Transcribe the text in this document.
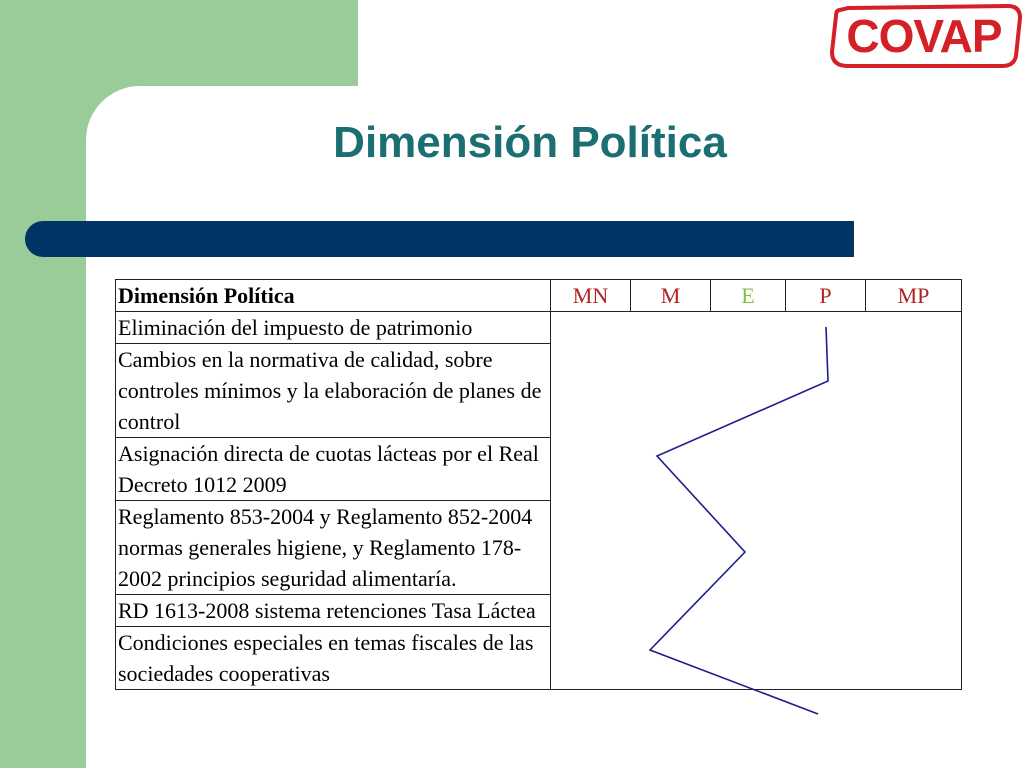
COVAP
Dimensión Política
Dimensión Política	MN	M	E	P	MP
Eliminación del impuesto de patrimonio					
Cambios en la normativa de calidad, sobre controles mínimos y la elaboración de planes de control					
Asignación directa de cuotas lácteas por el Real Decreto 1012 2009					
Reglamento 853-2004 y Reglamento 852-2004 normas generales higiene, y Reglamento 178-2002 principios seguridad alimentaría.					
RD 1613-2008 sistema retenciones Tasa Láctea					
Condiciones especiales en temas fiscales de las sociedades cooperativas					
